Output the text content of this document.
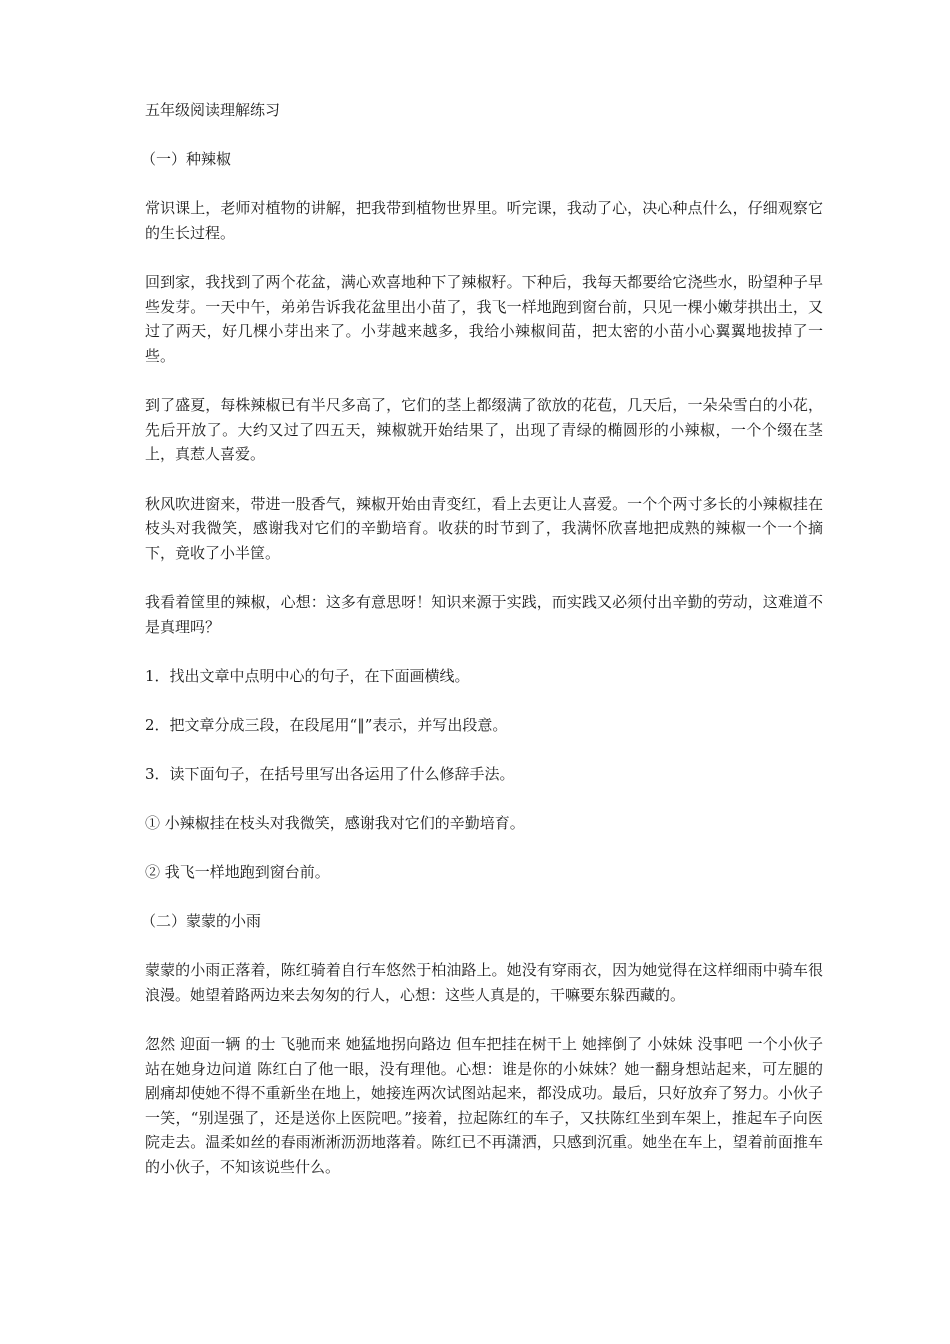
五年级阅读理解练习

（一）种辣椒

常识课上，老师对植物的讲解，把我带到植物世界里。听完课，我动了心，决心种点什么，仔细观察它的生长过程。

回到家，我找到了两个花盆，满心欢喜地种下了辣椒籽。下种后，我每天都要给它浇些水，盼望种子早些发芽。一天中午，弟弟告诉我花盆里出小苗了，我飞一样地跑到窗台前，只见一棵小嫩芽拱出土，又过了两天，好几棵小芽出来了。小芽越来越多，我给小辣椒间苗，把太密的小苗小心翼翼地拔掉了一些。

到了盛夏，每株辣椒已有半尺多高了，它们的茎上都缀满了欲放的花苞，几天后，一朵朵雪白的小花，先后开放了。大约又过了四五天，辣椒就开始结果了，出现了青绿的椭圆形的小辣椒，一个个缀在茎上，真惹人喜爱。

秋风吹进窗来，带进一股香气，辣椒开始由青变红，看上去更让人喜爱。一个个两寸多长的小辣椒挂在枝头对我微笑，感谢我对它们的辛勤培育。收获的时节到了，我满怀欣喜地把成熟的辣椒一个一个摘下，竟收了小半筐。

我看着筐里的辣椒，心想：这多有意思呀！知识来源于实践，而实践又必须付出辛勤的劳动，这难道不是真理吗？

1．找出文章中点明中心的句子，在下面画横线。

2．把文章分成三段，在段尾用“‖”表示，并写出段意。

3．读下面句子，在括号里写出各运用了什么修辞手法。

① 小辣椒挂在枝头对我微笑，感谢我对它们的辛勤培育。

② 我飞一样地跑到窗台前。

（二）蒙蒙的小雨

蒙蒙的小雨正落着，陈红骑着自行车悠然于柏油路上。她没有穿雨衣，因为她觉得在这样细雨中骑车很浪漫。她望着路两边来去匆匆的行人，心想：这些人真是的，干嘛要东躲西藏的。

忽然 迎面一辆 的士 飞驰而来 她猛地拐向路边 但车把挂在树干上 她摔倒了 小妹妹 没事吧 一个小伙子站在她身边问道 陈红白了他一眼，没有理他。心想：谁是你的小妹妹？她一翻身想站起来，可左腿的剧痛却使她不得不重新坐在地上，她接连两次试图站起来，都没成功。最后，只好放弃了努力。小伙子一笑，“别逞强了，还是送你上医院吧。”接着，拉起陈红的车子，又扶陈红坐到车架上，推起车子向医院走去。温柔如丝的春雨淅淅沥沥地落着。陈红已不再潇洒，只感到沉重。她坐在车上，望着前面推车的小伙子，不知该说些什么。
